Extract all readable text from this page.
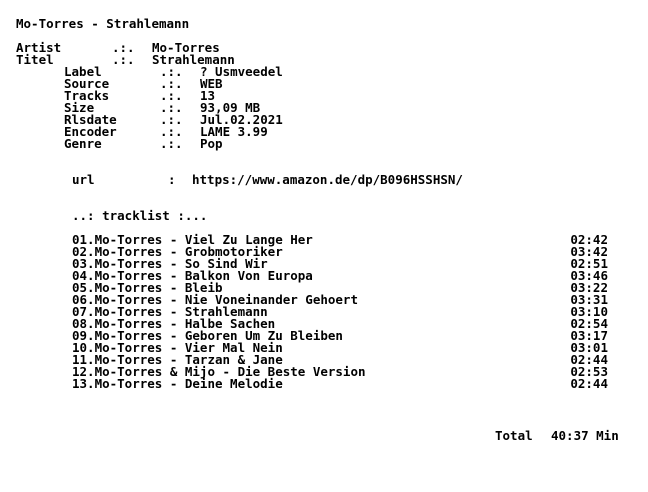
Mo-Torres - Strahlemann
Artist	.:. Mo-Torres
Titel	.:. Strahlemann
Label	.:. ? Usmveedel
Source	.:. WEB
Tracks	.:. 13
Size	.:. 93,09 MB
Rlsdate	.:. Jul.02.2021
Encoder	.:. LAME 3.99
Genre	.:. Pop
url	: https://www.amazon.de/dp/B096HSSHSN/
..: tracklist :...
01.Mo-Torres - Viel Zu Lange Her	02:42
02.Mo-Torres - Grobmotoriker	03:42
03.Mo-Torres - So Sind Wir	02:51
04.Mo-Torres - Balkon Von Europa	03:46
05.Mo-Torres - Bleib	03:22
06.Mo-Torres - Nie Voneinander Gehoert	03:31
07.Mo-Torres - Strahlemann	03:10
08.Mo-Torres - Halbe Sachen	02:54
09.Mo-Torres - Geboren Um Zu Bleiben	03:17
10.Mo-Torres - Vier Mal Nein	03:01
11.Mo-Torres - Tarzan & Jane	02:44
12.Mo-Torres & Mijo - Die Beste Version	02:53
13.Mo-Torres - Deine Melodie	02:44
Total 40:37 Min
